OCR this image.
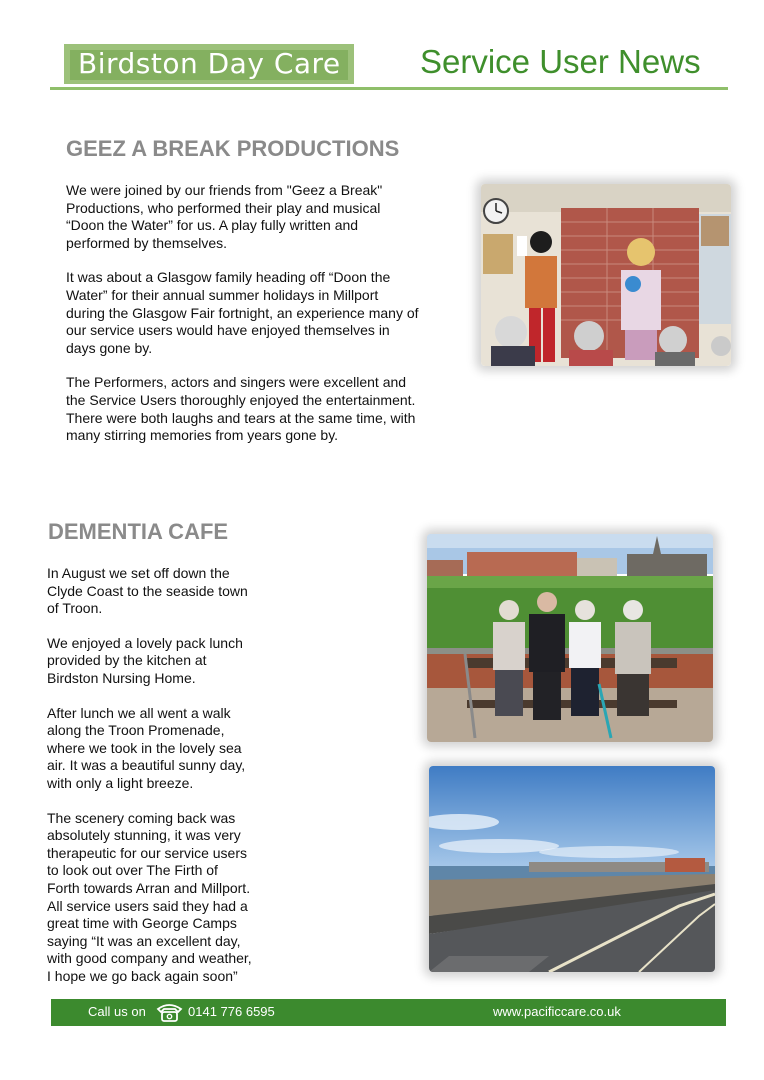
Birdston Day Care Service User News
GEEZ A BREAK PRODUCTIONS

We were joined by our friends from "Geez a Break"
Productions, who performed their play and musical
“Doon the Water” for us. A play fully written and
performed by themselves.

It was about a Glasgow family heading off “Doon the
Water” for their annual summer holidays in Millport
during the Glasgow Fair fortnight, an experience many of
our service users would have enjoyed themselves in
days gone by.

The Performers, actors and singers were excellent and
the Service Users thoroughly enjoyed the entertainment.
There were both laughs and tears at the same time, with
many stirring memories from years gone by.

DEMENTIA CAFE

In August we set off down the
Clyde Coast to the seaside town
of Troon.

We enjoyed a lovely pack lunch
provided by the kitchen at
Birdston Nursing Home.

After lunch we all went a walk
along the Troon Promenade,
where we took in the lovely sea
air. It was a beautiful sunny day,
with only a light breeze.

The scenery coming back was
absolutely stunning, it was very
therapeutic for our service users
to look out over The Firth of
Forth towards Arran and Millport.
All service users said they had a
great time with George Camps
saying “It was an excellent day,
with good company and weather,
I hope we go back again soon”

Call us on	0141 776 6595	www.pacificcare.co.uk
